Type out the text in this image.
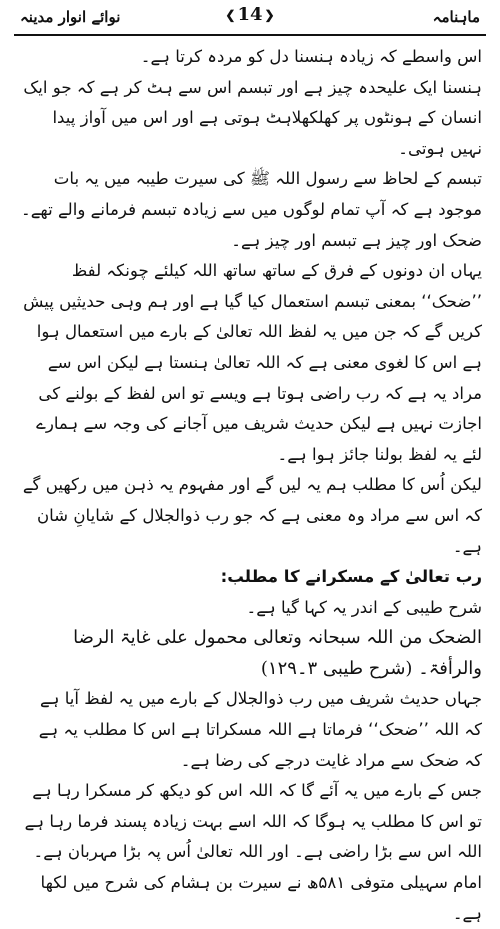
ماہنامہ
❮
14
❯
نوائے انوار مدینہ

اس واسطے کہ زیادہ ہنسنا دل کو مردہ کرتا ہے۔

ہنسنا ایک علیحدہ چیز ہے اور تبسم اس سے ہٹ کر ہے کہ جو ایک انسان کے ہونٹوں پر کھلکھلاہٹ ہوتی ہے اور اس میں آواز پیدا نہیں ہوتی۔

تبسم کے لحاظ سے رسول اللہ ﷺ کی سیرت طیبہ میں یہ بات موجود ہے کہ آپ تمام لوگوں میں سے زیادہ تبسم فرمانے والے تھے۔ ضحک اور چیز ہے تبسم اور چیز ہے۔

یہاں ان دونوں کے فرق کے ساتھ ساتھ اللہ کیلئے چونکہ لفظ ’’ضحک‘‘ بمعنی تبسم استعمال کیا گیا ہے اور ہم وہی حدیثیں پیش کریں گے کہ جن میں یہ لفظ اللہ تعالیٰ کے بارے میں استعمال ہوا ہے اس کا لغوی معنی ہے کہ اللہ تعالیٰ ہنستا ہے لیکن اس سے مراد یہ ہے کہ رب راضی ہوتا ہے ویسے تو اس لفظ کے بولنے کی اجازت نہیں ہے لیکن حدیث شریف میں آجانے کی وجہ سے ہمارے لئے یہ لفظ بولنا جائز ہوا ہے۔

لیکن اُس کا مطلب ہم یہ لیں گے اور مفہوم یہ ذہن میں رکھیں گے کہ اس سے مراد وہ معنی ہے کہ جو رب ذوالجلال کے شایانِ شان ہے۔

رب تعالیٰ کے مسکرانے کا مطلب:

شرح طیبی کے اندر یہ کہا گیا ہے۔

الضحک من اللہ سبحانہ وتعالی محمول علی غایۃ الرضا والرأفۃ۔ (شرح طیبی ۳۔۱۲۹)

جہاں حدیث شریف میں رب ذوالجلال کے بارے میں یہ لفظ آیا ہے کہ اللہ ’’ضحک‘‘ فرماتا ہے اللہ مسکراتا ہے اس کا مطلب یہ ہے کہ ضحک سے مراد غایت درجے کی رضا ہے۔

جس کے بارے میں یہ آئے گا کہ اللہ اس کو دیکھ کر مسکرا رہا ہے تو اس کا مطلب یہ ہوگا کہ اللہ اسے بہت زیادہ پسند فرما رہا ہے اللہ اس سے بڑا راضی ہے۔ اور اللہ تعالیٰ اُس پہ بڑا مہربان ہے۔

امام سہیلی متوفی ۵۸۱ھ نے سیرت بن ہشام کی شرح میں لکھا ہے۔
